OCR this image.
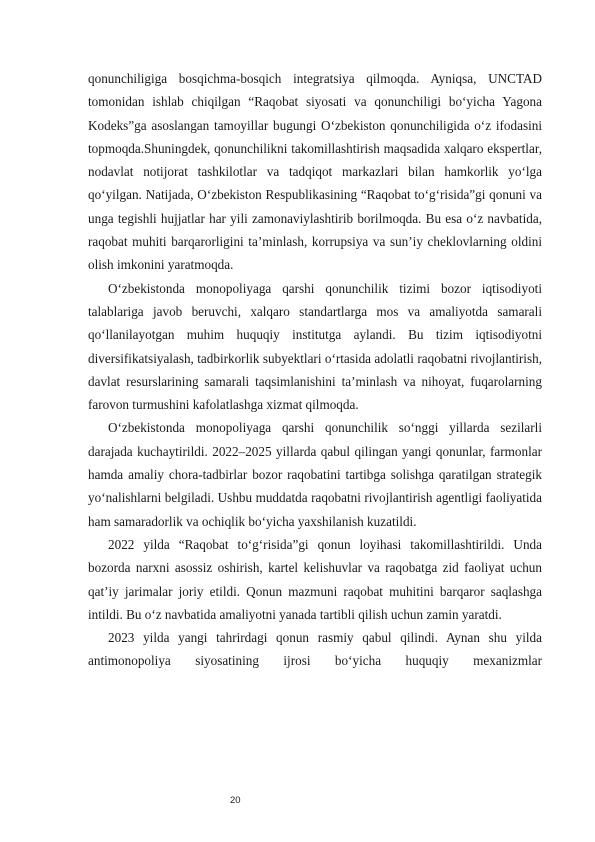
qonunchiligiga bosqichma-bosqich integratsiya qilmoqda. Ayniqsa, UNCTAD tomonidan ishlab chiqilgan “Raqobat siyosati va qonunchiligi bo‘yicha Yagona Kodeks”ga asoslangan tamoyillar bugungi O‘zbekiston qonunchiligida o‘z ifodasini topmoqda.Shuningdek, qonunchilikni takomillashtirish maqsadida xalqaro ekspertlar, nodavlat notijorat tashkilotlar va tadqiqot markazlari bilan hamkorlik yo‘lga qo‘yilgan. Natijada, O‘zbekiston Respublikasining “Raqobat to‘g‘risida”gi qonuni va unga tegishli hujjatlar har yili zamonaviylashtirib borilmoqda. Bu esa o‘z navbatida, raqobat muhiti barqarorligini ta’minlash, korrupsiya va sun’iy cheklovlarning oldini olish imkonini yaratmoqda.

O‘zbekistonda monopoliyaga qarshi qonunchilik tizimi bozor iqtisodiyoti talablariga javob beruvchi, xalqaro standartlarga mos va amaliyotda samarali qo‘llanilayotgan muhim huquqiy institutga aylandi. Bu tizim iqtisodiyotni diversifikatsiyalash, tadbirkorlik subyektlari o‘rtasida adolatli raqobatni rivojlantirish, davlat resurslarining samarali taqsimlanishini ta’minlash va nihoyat, fuqarolarning farovon turmushini kafolatlashga xizmat qilmoqda.

O‘zbekistonda monopoliyaga qarshi qonunchilik so‘nggi yillarda sezilarli darajada kuchaytirildi. 2022–2025 yillarda qabul qilingan yangi qonunlar, farmonlar hamda amaliy chora-tadbirlar bozor raqobatini tartibga solishga qaratilgan strategik yo‘nalishlarni belgiladi. Ushbu muddatda raqobatni rivojlantirish agentligi faoliyatida ham samaradorlik va ochiqlik bo‘yicha yaxshilanish kuzatildi.

2022 yilda “Raqobat to‘g‘risida”gi qonun loyihasi takomillashtirildi. Unda bozorda narxni asossiz oshirish, kartel kelishuvlar va raqobatga zid faoliyat uchun qat’iy jarimalar joriy etildi. Qonun mazmuni raqobat muhitini barqaror saqlashga intildi. Bu o‘z navbatida amaliyotni yanada tartibli qilish uchun zamin yaratdi.

2023 yilda yangi tahrirdagi qonun rasmiy qabul qilindi. Aynan shu yilda antimonopoliya siyosatining ijrosi bo‘yicha huquqiy mexanizmlar

20
